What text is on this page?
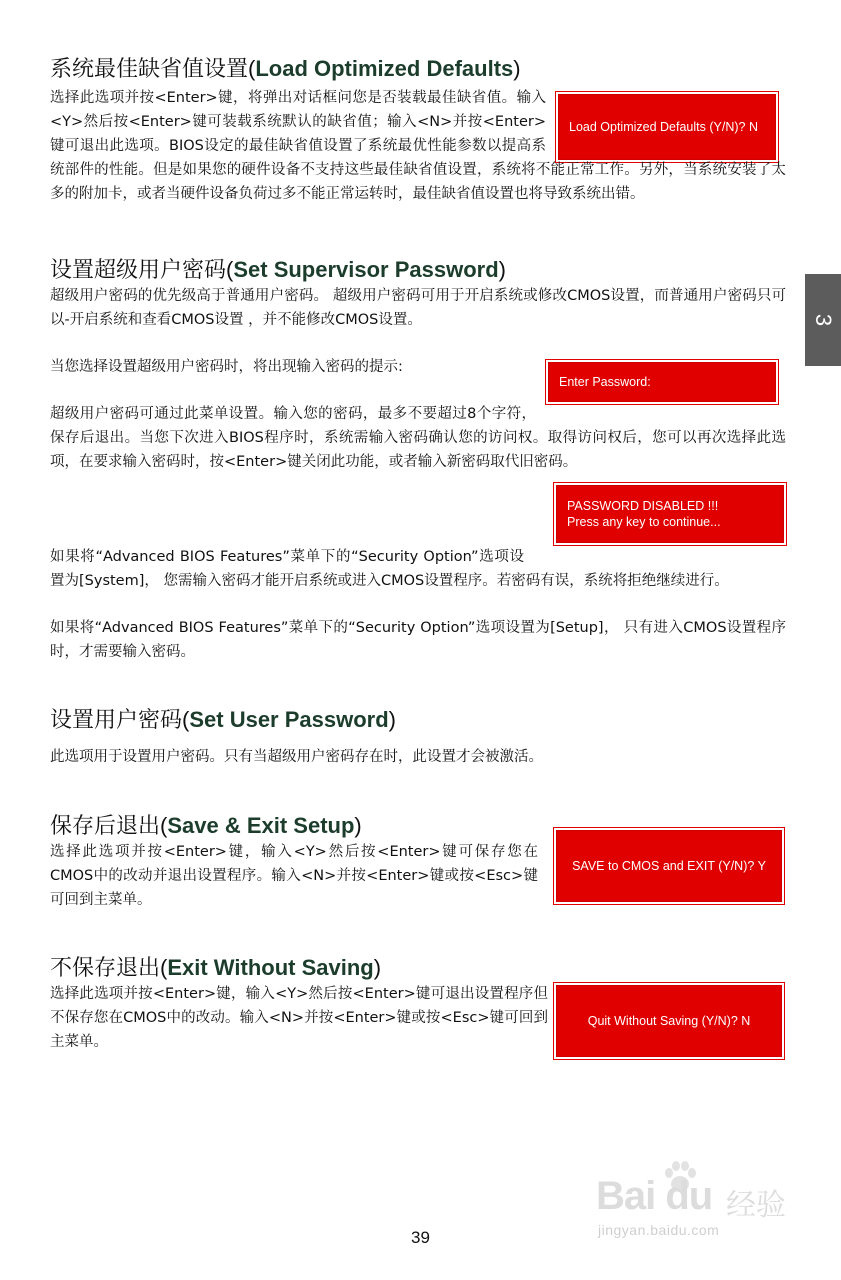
系统最佳缺省值设置(Load Optimized Defaults)
Load Optimized Defaults (Y/N)? N

选择此选项并按<Enter>键，将弹出对话框问您是否装载最佳缺省值。输入<Y>然后按<Enter>键可装载系统默认的缺省值；输入<N>并按<Enter>键可退出此选项。BIOS设定的最佳缺省值设置了系统最优性能参数以提高系统部件的性能。但是如果您的硬件设备不支持这些最佳缺省值设置，系统将不能正常工作。另外，当系统安装了太多的附加卡，或者当硬件设备负荷过多不能正常运转时，最佳缺省值设置也将导致系统出错。

3
设置超级用户密码(Set Supervisor Password)

超级用户密码的优先级高于普通用户密码。 超级用户密码可用于开启系统或修改CMOS设置，而普通用户密码只可以-开启系统和查看CMOS设置 ，并不能修改CMOS设置。

当您选择设置超级用户密码时，将出现输入密码的提示:

Enter Password:

超级用户密码可通过此菜单设置。输入您的密码，最多不要超过8个字符，保存后退出。当您下次进入BIOS程序时，系统需输入密码确认您的访问权。取得访问权后，您可以再次选择此选项，在要求输入密码时，按<Enter>键关闭此功能，或者输入新密码取代旧密码。

PASSWORD DISABLED !!!
Press any key to continue...

如果将“Advanced BIOS Features”菜单下的“Security Option”选项设置为[System]， 您需输入密码才能开启系统或进入CMOS设置程序。若密码有误，系统将拒绝继续进行。

如果将“Advanced BIOS Features”菜单下的“Security Option”选项设置为[Setup]， 只有进入CMOS设置程序时，才需要输入密码。

设置用户密码(Set User Password)

此选项用于设置用户密码。只有当超级用户密码存在时，此设置才会被激活。

保存后退出(Save & Exit Setup)

选择此选项并按<Enter>键，输入<Y>然后按<Enter>键可保存您在CMOS中的改动并退出设置程序。输入<N>并按<Enter>键或按<Esc>键可回到主菜单。

SAVE to CMOS and EXIT (Y/N)? Y
不保存退出(Exit Without Saving)

选择此选项并按<Enter>键，输入<Y>然后按<Enter>键可退出设置程序但不保存您在CMOS中的改动。输入<N>并按<Enter>键或按<Esc>键可回到主菜单。

Quit Without Saving (Y/N)? N
Bai du 经验
jingyan.baidu.com
39
